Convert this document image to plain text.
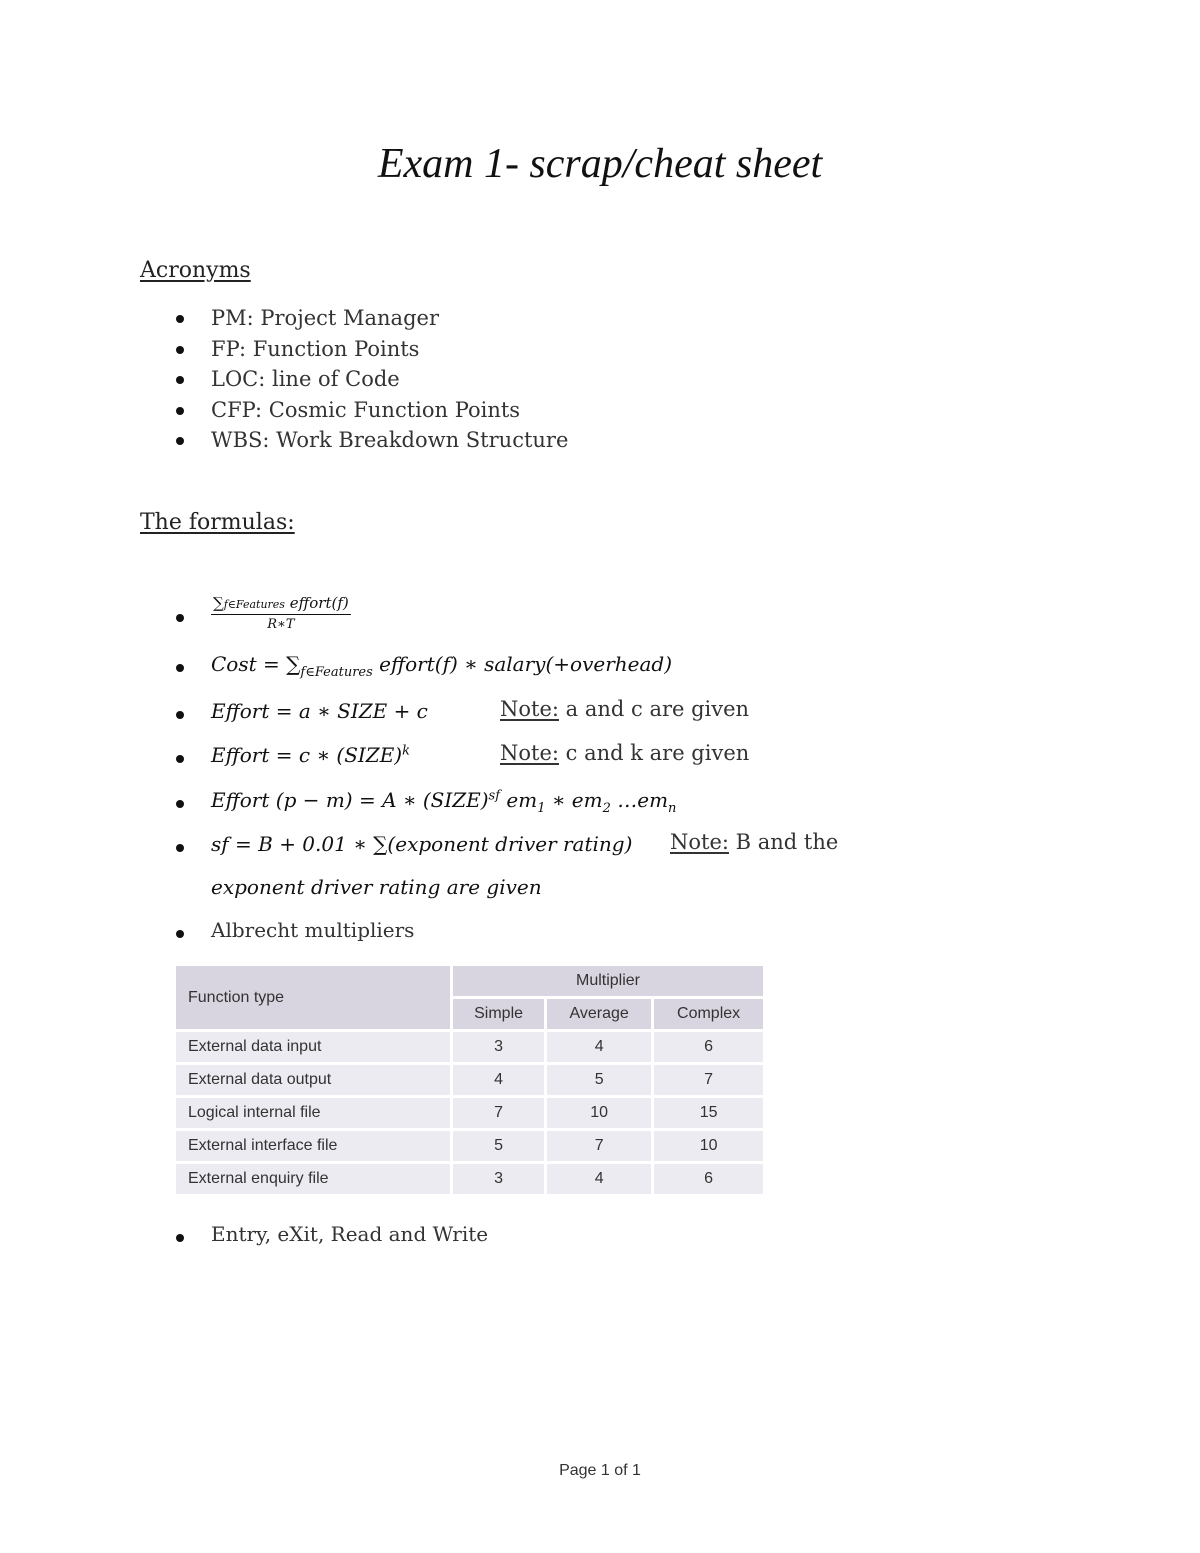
Exam 1- scrap/cheat sheet
Acronyms
PM: Project Manager
FP: Function Points
LOC: line of Code
CFP: Cosmic Function Points
WBS: Work Breakdown Structure
The formulas:
∑f∈Features effort(f)
R∗T
Cost = $\sum_{f\in Features}$ effort(f) ∗ salary(+overhead)
Effort = a ∗ SIZE + c	Note: a and c are given
Effort = c ∗ (SIZE)$^k$	Note: c and k are given
Effort (p − m) = A ∗ (SIZE)$^{sf}$ $em_1$ ∗ $em_2$ $\dots em_n$
sf = B + 0.01 ∗ ∑(exponent driver rating) Note: B and the
exponent driver rating are given
Albrecht multipliers
Function type	Multiplier		
	Simple	Average	Complex
External data input	3	4	6
External data output	4	5	7
Logical internal file	7	10	15
External interface file	5	7	10
External enquiry file	3	4	6
Entry, eXit, Read and Write
Page 1 of 1
